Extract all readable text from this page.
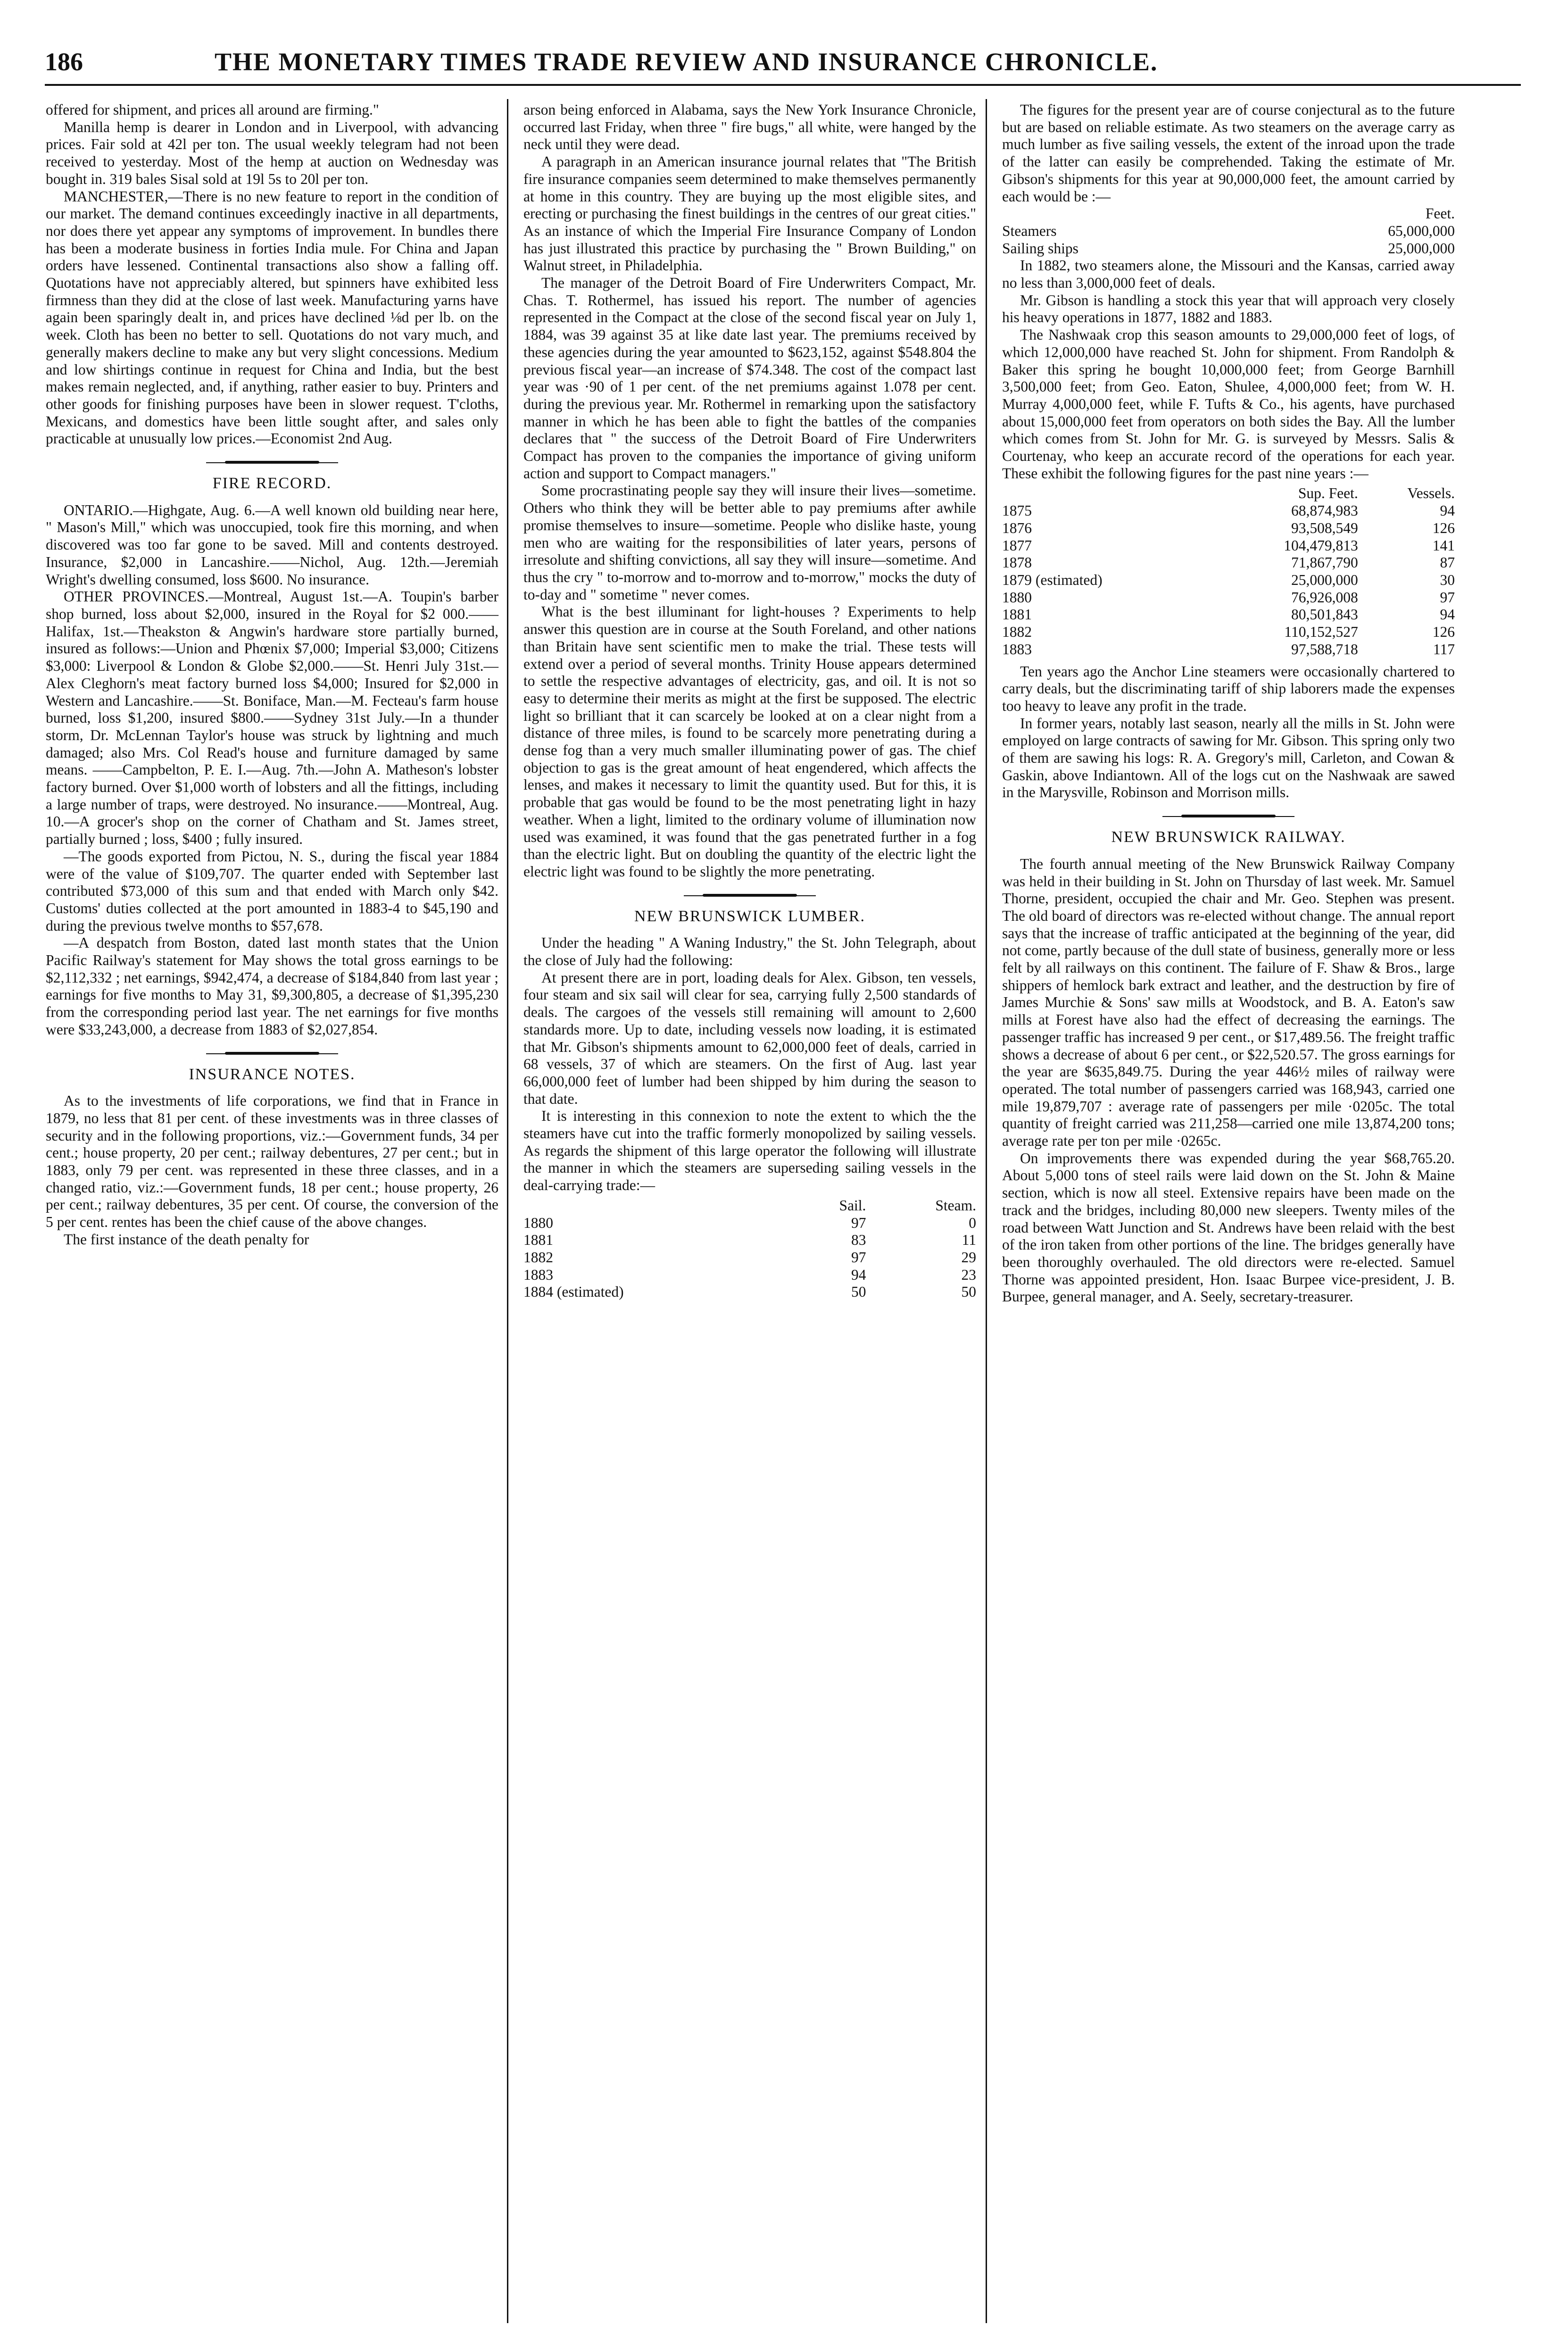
186	THE MONETARY TIMES TRADE REVIEW AND INSURANCE CHRONICLE.

offered for shipment, and prices all around are firming."

Manilla hemp is dearer in London and in Liverpool, with advancing prices. Fair sold at 42l per ton. The usual weekly telegram had not been received to yesterday. Most of the hemp at auction on Wednesday was bought in. 319 bales Sisal sold at 19l 5s to 20l per ton.

MANCHESTER,—There is no new feature to report in the condition of our market. The demand continues exceedingly inactive in all departments, nor does there yet appear any symptoms of improvement. In bundles there has been a moderate business in forties India mule. For China and Japan orders have lessened. Continental transactions also show a falling off. Quotations have not appreciably altered, but spinners have exhibited less firmness than they did at the close of last week. Manufacturing yarns have again been sparingly dealt in, and prices have declined ⅛d per lb. on the week. Cloth has been no better to sell. Quotations do not vary much, and generally makers decline to make any but very slight concessions. Medium and low shirtings continue in request for China and India, but the best makes remain neglected, and, if anything, rather easier to buy. Printers and other goods for finishing purposes have been in slower request. T'cloths, Mexicans, and domestics have been little sought after, and sales only practicable at unusually low prices.—Economist 2nd Aug.

FIRE RECORD.

ONTARIO.—Highgate, Aug. 6.—A well known old building near here, " Mason's Mill," which was unoccupied, took fire this morning, and when discovered was too far gone to be saved. Mill and contents destroyed. Insurance, $2,000 in Lancashire.——Nichol, Aug. 12th.—Jeremiah Wright's dwelling consumed, loss $600. No insurance.

OTHER PROVINCES.—Montreal, August 1st.—A. Toupin's barber shop burned, loss about $2,000, insured in the Royal for $2 000.——Halifax, 1st.—Theakston & Angwin's hardware store partially burned, insured as follows:—Union and Phœnix $7,000; Imperial $3,000; Citizens $3,000: Liverpool & London & Globe $2,000.——St. Henri July 31st.— Alex Cleghorn's meat factory burned loss $4,000; Insured for $2,000 in Western and Lancashire.——St. Boniface, Man.—M. Fecteau's farm house burned, loss $1,200, insured $800.——Sydney 31st July.—In a thunder storm, Dr. McLennan Taylor's house was struck by lightning and much damaged; also Mrs. Col Read's house and furniture damaged by same means. ——Campbelton, P. E. I.—Aug. 7th.—John A. Matheson's lobster factory burned. Over $1,000 worth of lobsters and all the fittings, including a large number of traps, were destroyed. No insurance.——Montreal, Aug. 10.—A grocer's shop on the corner of Chatham and St. James street, partially burned ; loss, $400 ; fully insured.

—The goods exported from Pictou, N. S., during the fiscal year 1884 were of the value of $109,707. The quarter ended with September last contributed $73,000 of this sum and that ended with March only $42. Customs' duties collected at the port amounted in 1883-4 to $45,190 and during the previous twelve months to $57,678.

—A despatch from Boston, dated last month states that the Union Pacific Railway's statement for May shows the total gross earnings to be $2,112,332 ; net earnings, $942,474, a decrease of $184,840 from last year ; earnings for five months to May 31, $9,300,805, a decrease of $1,395,230 from the corresponding period last year. The net earnings for five months were $33,243,000, a decrease from 1883 of $2,027,854.

INSURANCE NOTES.

As to the investments of life corporations, we find that in France in 1879, no less that 81 per cent. of these investments was in three classes of security and in the following proportions, viz.:—Government funds, 34 per cent.; house property, 20 per cent.; railway debentures, 27 per cent.; but in 1883, only 79 per cent. was represented in these three classes, and in a changed ratio, viz.:—Government funds, 18 per cent.; house property, 26 per cent.; railway debentures, 35 per cent. Of course, the conversion of the 5 per cent. rentes has been the chief cause of the above changes.

The first instance of the death penalty for

arson being enforced in Alabama, says the New York Insurance Chronicle, occurred last Friday, when three " fire bugs," all white, were hanged by the neck until they were dead.

A paragraph in an American insurance journal relates that "The British fire insurance companies seem determined to make themselves permanently at home in this country. They are buying up the most eligible sites, and erecting or purchasing the finest buildings in the centres of our great cities." As an instance of which the Imperial Fire Insurance Company of London has just illustrated this practice by purchasing the " Brown Building," on Walnut street, in Philadelphia.

The manager of the Detroit Board of Fire Underwriters Compact, Mr. Chas. T. Rothermel, has issued his report. The number of agencies represented in the Compact at the close of the second fiscal year on July 1, 1884, was 39 against 35 at like date last year. The premiums received by these agencies during the year amounted to $623,152, against $548.804 the previous fiscal year—an increase of $74.348. The cost of the compact last year was ·90 of 1 per cent. of the net premiums against 1.078 per cent. during the previous year. Mr. Rothermel in remarking upon the satisfactory manner in which he has been able to fight the battles of the companies declares that " the success of the Detroit Board of Fire Underwriters Compact has proven to the companies the importance of giving uniform action and support to Compact managers."

Some procrastinating people say they will insure their lives—sometime. Others who think they will be better able to pay premiums after awhile promise themselves to insure—sometime. People who dislike haste, young men who are waiting for the responsibilities of later years, persons of irresolute and shifting convictions, all say they will insure—sometime. And thus the cry " to-morrow and to-morrow and to-morrow," mocks the duty of to-day and " sometime " never comes.

What is the best illuminant for light-houses ? Experiments to help answer this question are in course at the South Foreland, and other nations than Britain have sent scientific men to make the trial. These tests will extend over a period of several months. Trinity House appears determined to settle the respective advantages of electricity, gas, and oil. It is not so easy to determine their merits as might at the first be supposed. The electric light so brilliant that it can scarcely be looked at on a clear night from a distance of three miles, is found to be scarcely more penetrating during a dense fog than a very much smaller illuminating power of gas. The chief objection to gas is the great amount of heat engendered, which affects the lenses, and makes it necessary to limit the quantity used. But for this, it is probable that gas would be found to be the most penetrating light in hazy weather. When a light, limited to the ordinary volume of illumination now used was examined, it was found that the gas penetrated further in a fog than the electric light. But on doubling the quantity of the electric light the electric light was found to be slightly the more penetrating.

NEW BRUNSWICK LUMBER.

Under the heading " A Waning Industry," the St. John Telegraph, about the close of July had the following:

At present there are in port, loading deals for Alex. Gibson, ten vessels, four steam and six sail will clear for sea, carrying fully 2,500 standards of deals. The cargoes of the vessels still remaining will amount to 2,600 standards more. Up to date, including vessels now loading, it is estimated that Mr. Gibson's shipments amount to 62,000,000 feet of deals, carried in 68 vessels, 37 of which are steamers. On the first of Aug. last year 66,000,000 feet of lumber had been shipped by him during the season to that date.

It is interesting in this connexion to note the extent to which the the steamers have cut into the traffic formerly monopolized by sailing vessels. As regards the shipment of this large operator the following will illustrate the manner in which the steamers are superseding sailing vessels in the deal-carrying trade:—

	Sail.	Steam.
1880	97	0
1881	83	11
1882	97	29
1883	94	23
1884 (estimated)	50	50

The figures for the present year are of course conjectural as to the future but are based on reliable estimate. As two steamers on the average carry as much lumber as five sailing vessels, the extent of the inroad upon the trade of the latter can easily be comprehended. Taking the estimate of Mr. Gibson's shipments for this year at 90,000,000 feet, the amount carried by each would be :—

Feet.
Steamers	65,000,000
Sailing ships	25,000,000

In 1882, two steamers alone, the Missouri and the Kansas, carried away no less than 3,000,000 feet of deals.

Mr. Gibson is handling a stock this year that will approach very closely his heavy operations in 1877, 1882 and 1883.

The Nashwaak crop this season amounts to 29,000,000 feet of logs, of which 12,000,000 have reached St. John for shipment. From Randolph & Baker this spring he bought 10,000,000 feet; from George Barnhill 3,500,000 feet; from Geo. Eaton, Shulee, 4,000,000 feet; from W. H. Murray 4,000,000 feet, while F. Tufts & Co., his agents, have purchased about 15,000,000 feet from operators on both sides the Bay. All the lumber which comes from St. John for Mr. G. is surveyed by Messrs. Salis & Courtenay, who keep an accurate record of the operations for each year. These exhibit the following figures for the past nine years :—

	Sup. Feet.	Vessels.
1875	68,874,983	94
1876	93,508,549	126
1877	104,479,813	141
1878	71,867,790	87
1879 (estimated)	25,000,000	30
1880	76,926,008	97
1881	80,501,843	94
1882	110,152,527	126
1883	97,588,718	117

Ten years ago the Anchor Line steamers were occasionally chartered to carry deals, but the discriminating tariff of ship laborers made the expenses too heavy to leave any profit in the trade.

In former years, notably last season, nearly all the mills in St. John were employed on large contracts of sawing for Mr. Gibson. This spring only two of them are sawing his logs: R. A. Gregory's mill, Carleton, and Cowan & Gaskin, above Indiantown. All of the logs cut on the Nashwaak are sawed in the Marysville, Robinson and Morrison mills.

NEW BRUNSWICK RAILWAY.

The fourth annual meeting of the New Brunswick Railway Company was held in their building in St. John on Thursday of last week. Mr. Samuel Thorne, president, occupied the chair and Mr. Geo. Stephen was present. The old board of directors was re-elected without change. The annual report says that the increase of traffic anticipated at the beginning of the year, did not come, partly because of the dull state of business, generally more or less felt by all railways on this continent. The failure of F. Shaw & Bros., large shippers of hemlock bark extract and leather, and the destruction by fire of James Murchie & Sons' saw mills at Woodstock, and B. A. Eaton's saw mills at Forest have also had the effect of decreasing the earnings. The passenger traffic has increased 9 per cent., or $17,489.56. The freight traffic shows a decrease of about 6 per cent., or $22,520.57. The gross earnings for the year are $635,849.75. During the year 446½ miles of railway were operated. The total number of passengers carried was 168,943, carried one mile 19,879,707 : average rate of passengers per mile ·0205c. The total quantity of freight carried was 211,258—carried one mile 13,874,200 tons; average rate per ton per mile ·0265c.

On improvements there was expended during the year $68,765.20. About 5,000 tons of steel rails were laid down on the St. John & Maine section, which is now all steel. Extensive repairs have been made on the track and the bridges, including 80,000 new sleepers. Twenty miles of the road between Watt Junction and St. Andrews have been relaid with the best of the iron taken from other portions of the line. The bridges generally have been thoroughly overhauled. The old directors were re-elected. Samuel Thorne was appointed president, Hon. Isaac Burpee vice-president, J. B. Burpee, general manager, and A. Seely, secretary-treasurer.
